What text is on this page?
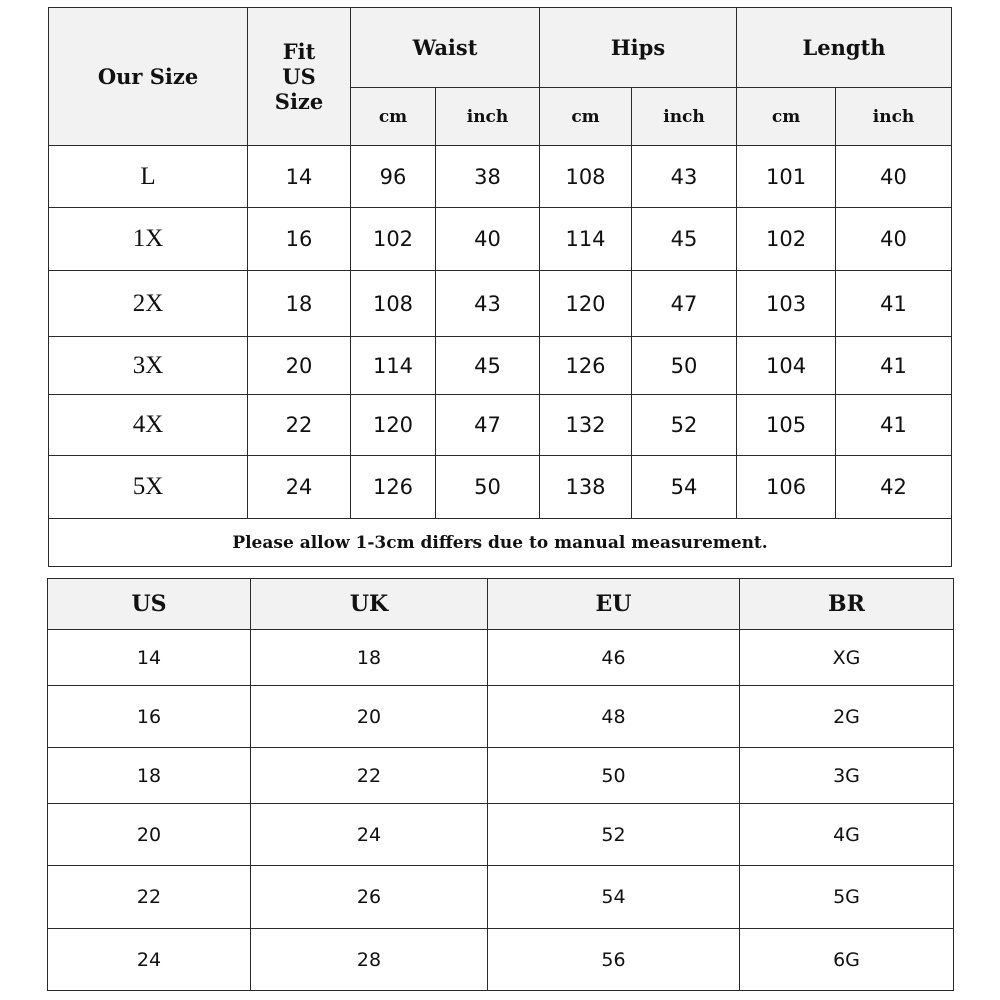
Our Size	Fit US Size	Waist		Hips		Length	
		cm	inch	cm	inch	cm	inch
L	14	96	38	108	43	101	40
1X	16	102	40	114	45	102	40
2X	18	108	43	120	47	103	41
3X	20	114	45	126	50	104	41
4X	22	120	47	132	52	105	41
5X	24	126	50	138	54	106	42
Please allow 1-3cm differs due to manual measurement.							
US	UK	EU	BR
14	18	46	XG
16	20	48	2G
18	22	50	3G
20	24	52	4G
22	26	54	5G
24	28	56	6G
